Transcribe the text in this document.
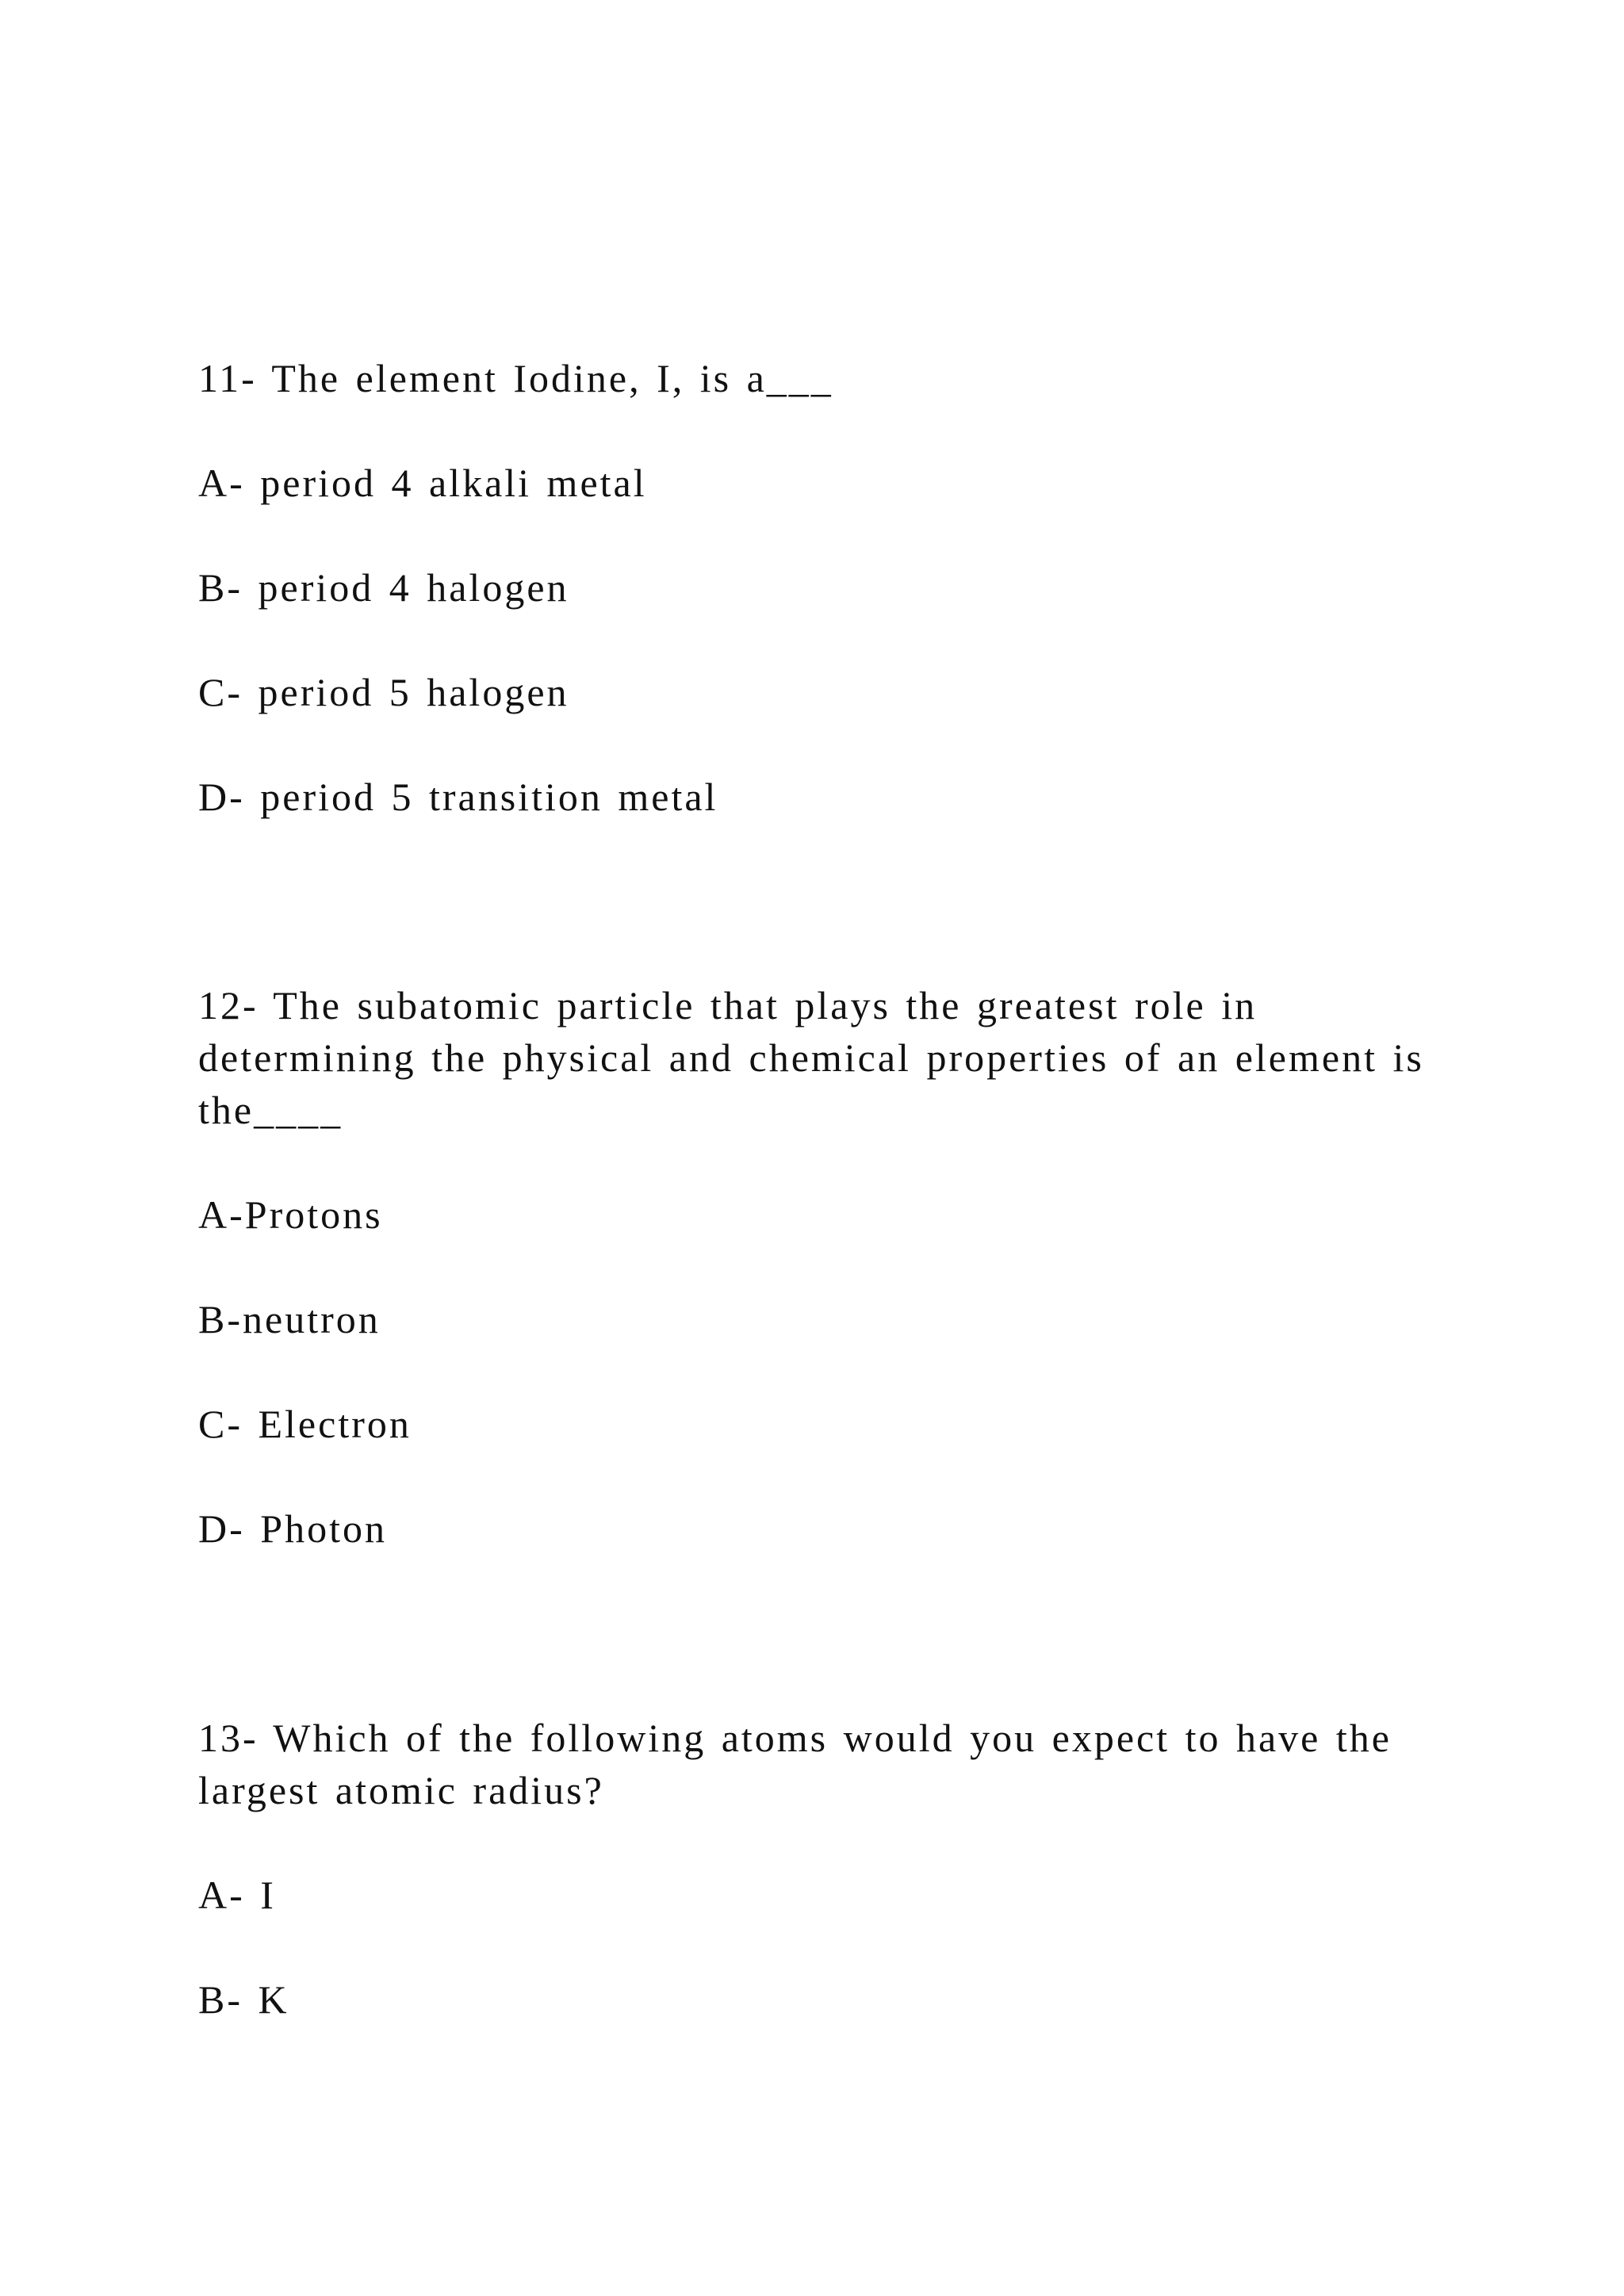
11- The element Iodine, I, is a___

A- period 4 alkali metal
B- period 4 halogen
C- period 5 halogen
D- period 5 transition metal

12- The subatomic particle that plays the greatest role in determining the physical and chemical properties of an element is the____

A-Protons
B-neutron
C- Electron
D- Photon

13- Which of the following atoms would you expect to have the largest atomic radius?

A- I
B- K
